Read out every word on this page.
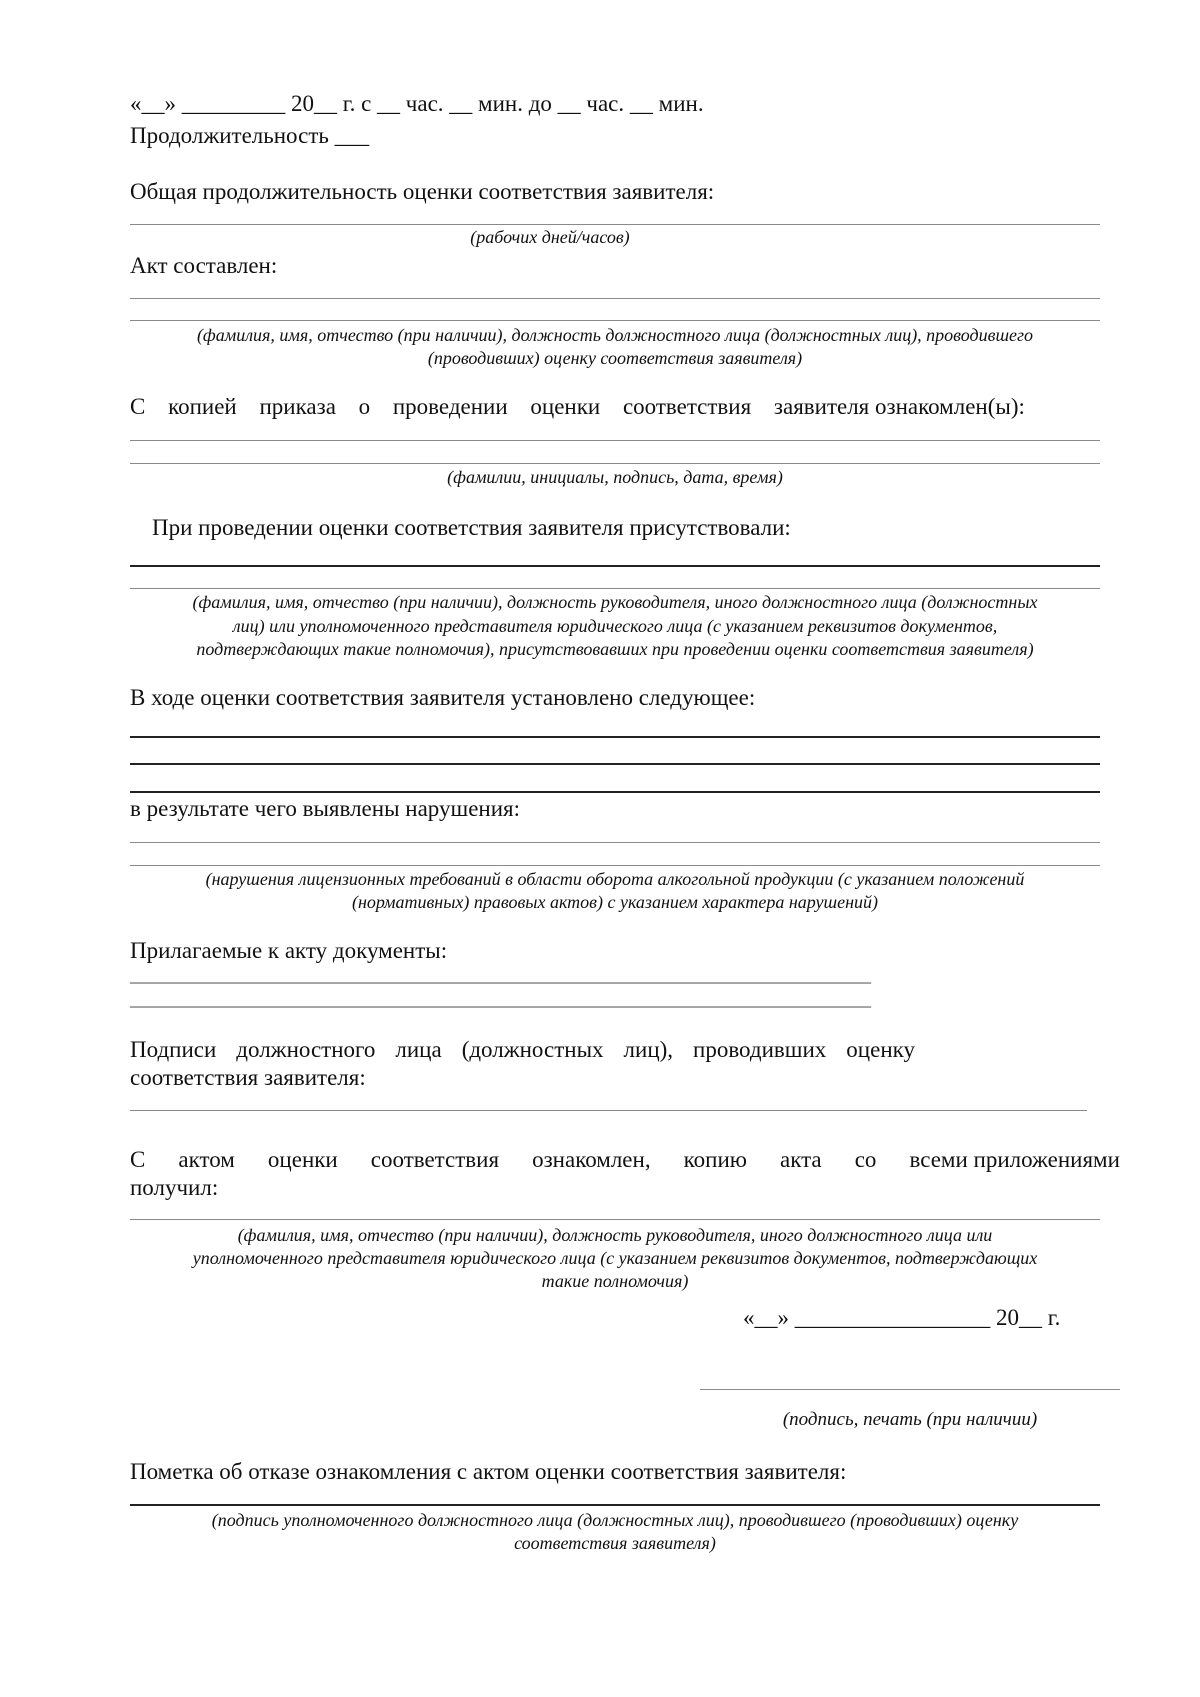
«__» _________ 20__ г. с __ час. __ мин. до __ час. __ мин.
Продолжительность ___
Общая продолжительность оценки соответствия заявителя:
(рабочих дней/часов)
Акт составлен:
(фамилия, имя, отчество (при наличии), должность должностного лица (должностных лиц), проводившего
(проводивших) оценку соответствия заявителя)
С копией приказа о проведении оценки соответствия заявителя ознакомлен(ы):
(фамилии, инициалы, подпись, дата, время)
При проведении оценки соответствия заявителя присутствовали:
(фамилия, имя, отчество (при наличии), должность руководителя, иного должностного лица (должностных
лиц) или уполномоченного представителя юридического лица (с указанием реквизитов документов,
подтверждающих такие полномочия), присутствовавших при проведении оценки соответствия заявителя)
В ходе оценки соответствия заявителя установлено следующее:
в результате чего выявлены нарушения:
(нарушения лицензионных требований в области оборота алкогольной продукции (с указанием положений
(нормативных) правовых актов) с указанием характера нарушений)
Прилагаемые к акту документы:
______________________________________________________________________________
______________________________________________________________________________
Подписи должностного лица (должностных лиц), проводивших оценку
соответствия заявителя:
С актом оценки соответствия ознакомлен, копию акта со всеми приложениями
получил:
(фамилия, имя, отчество (при наличии), должность руководителя, иного должностного лица или
уполномоченного представителя юридического лица (с указанием реквизитов документов, подтверждающих
такие полномочия)
«__» _________________ 20__ г.
(подпись, печать (при наличии)
Пометка об отказе ознакомления с актом оценки соответствия заявителя:
(подпись уполномоченного должностного лица (должностных лиц), проводившего (проводивших) оценку
соответствия заявителя)
